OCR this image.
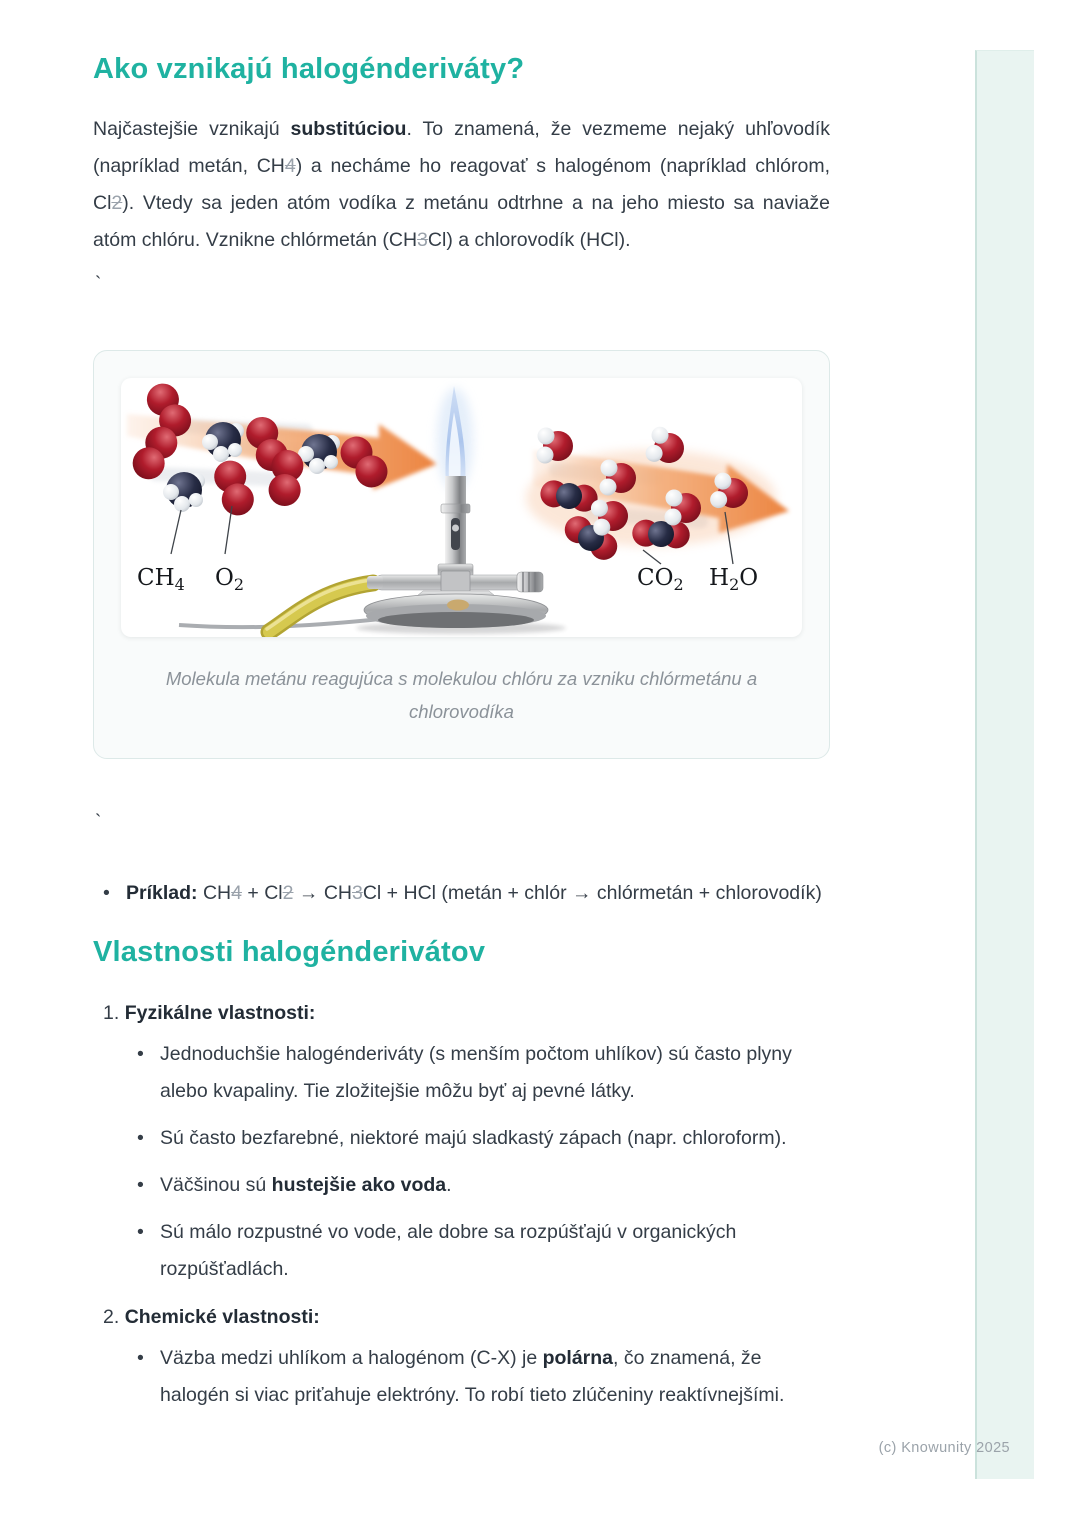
Ako vznikajú halogénderiváty?

Najčastejšie vznikajú substitúciou. To znamená, že vezmeme nejaký uhľovodík (napríklad metán, CH4) a necháme ho reagovať s halogénom (napríklad chlórom, Cl2). Vtedy sa jeden atóm vodíka z metánu odtrhne a na jeho miesto sa naviaže atóm chlóru. Vznikne chlórmetán (CH3Cl) a chlorovodík (HCl).

`
$CH_4$ $O_2$	$CO_2$ $H_2O$
Molekula metánu reagujúca s molekulou chlóru za vzniku chlórmetánu a chlorovodíka
`
• Príklad: CH4 + Cl2 → CH3Cl + HCl (metán + chlór → chlórmetán + chlorovodík)
Vlastnosti halogénderivátov
1. Fyzikálne vlastnosti:
• Jednoduchšie halogénderiváty (s menším počtom uhlíkov) sú často plyny alebo kvapaliny. Tie zložitejšie môžu byť aj pevné látky.
• Sú často bezfarebné, niektoré majú sladkastý zápach (napr. chloroform).
• Väčšinou sú hustejšie ako voda.
• Sú málo rozpustné vo vode, ale dobre sa rozpúšťajú v organických rozpúšťadlách.
2. Chemické vlastnosti:
• Väzba medzi uhlíkom a halogénom (C-X) je polárna, čo znamená, že halogén si viac priťahuje elektróny. To robí tieto zlúčeniny reaktívnejšími.
(c) Knowunity 2025
